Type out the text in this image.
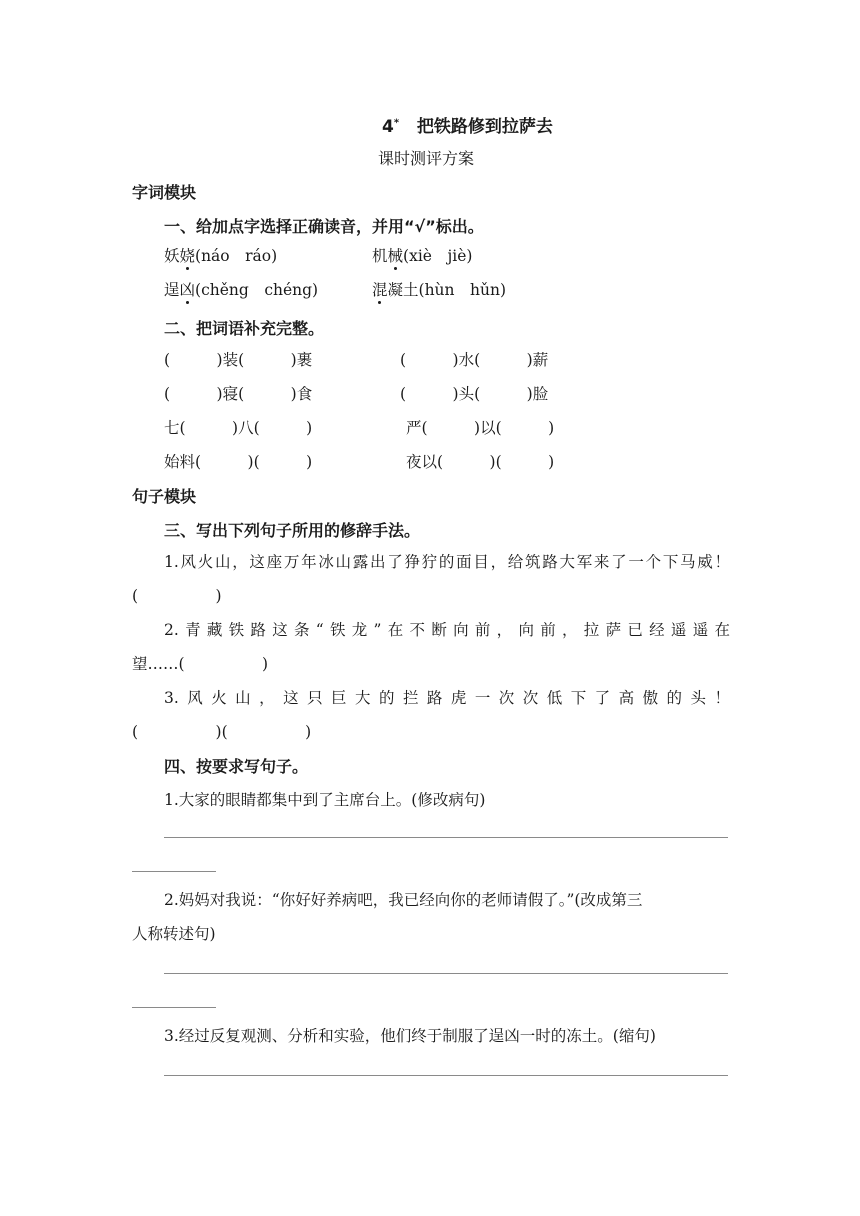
4* 把铁路修到拉萨去
课时测评方案
字词模块
一、给加点字选择正确读音，并用“√”标出。
妖娆(náo　ráo)	机械(xiè　jiè)
逞凶(chěng　chéng)	混凝土(hùn　hǔn)
二、把词语补充完整。
(　　　)装(　　　)裹	(　　　)水(　　　)薪
(　　　)寝(　　　)食	(　　　)头(　　　)脸
七(　　　)八(　　　)	严(　　　)以(　　　)
始料(　　　)(　　　)	夜以(　　　)(　　　)
句子模块
三、写出下列句子所用的修辞手法。
1.风火山，这座万年冰山露出了狰狞的面目，给筑路大军来了一个下马威！
(　　　　　)
2.青藏铁路这条“铁龙”在不断向前，向前，拉萨已经遥遥在
望……(　　　　　)
3.风火山，这只巨大的拦路虎一次次低下了高傲的头！
(　　　　　)(　　　　　)
四、按要求写句子。
1.大家的眼睛都集中到了主席台上。(修改病句)
2.妈妈对我说：“你好好养病吧，我已经向你的老师请假了。”(改成第三
人称转述句)
3.经过反复观测、分析和实验，他们终于制服了逞凶一时的冻土。(缩句)
